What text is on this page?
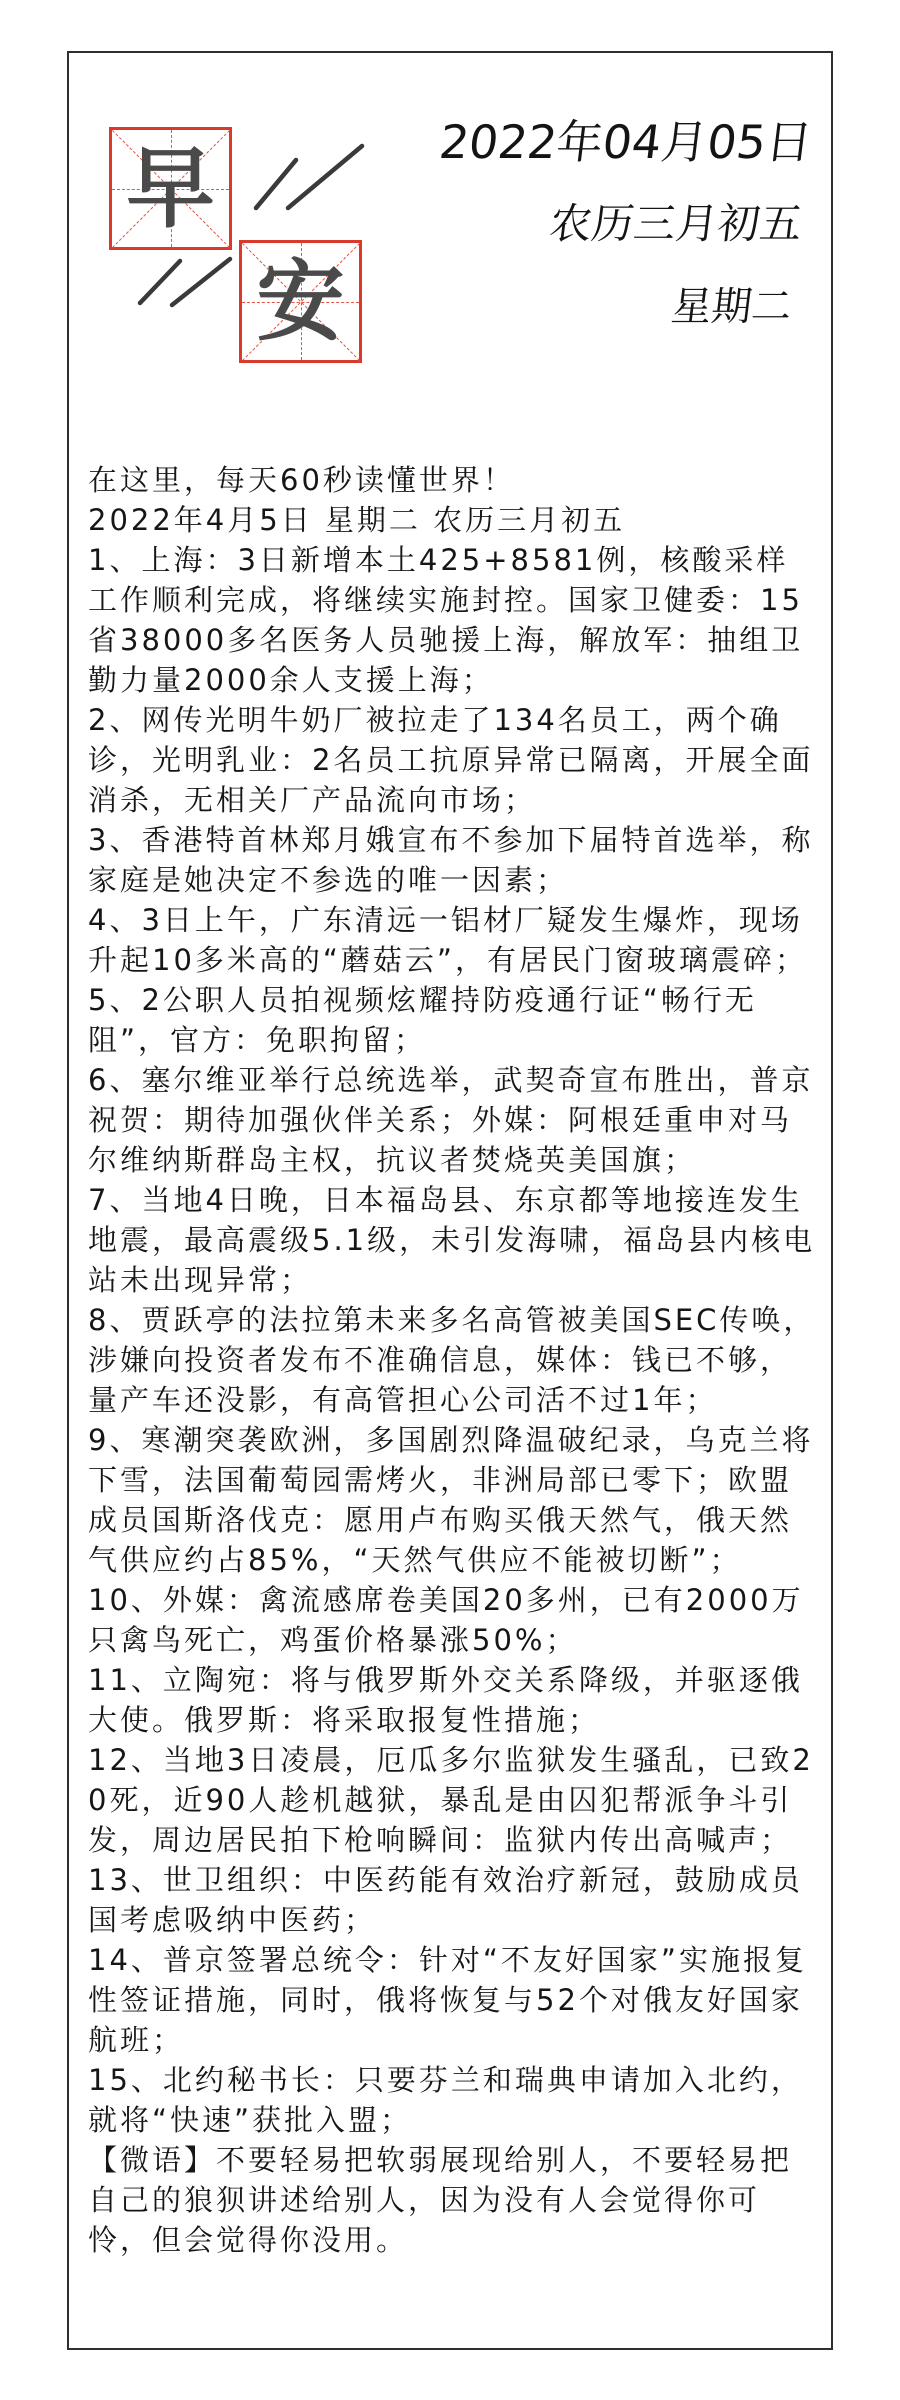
早
安
2022年04月05日
农历三月初五
星期二
在这里，每天60秒读懂世界！
2022年4月5日 星期二 农历三月初五
1、上海：3日新增本土425+8581例，核酸采样工作顺利完成，将继续实施封控。国家卫健委：15省38000多名医务人员驰援上海，解放军：抽组卫勤力量2000余人支援上海；
2、网传光明牛奶厂被拉走了134名员工，两个确诊，光明乳业：2名员工抗原异常已隔离，开展全面消杀，无相关厂产品流向市场；
3、香港特首林郑月娥宣布不参加下届特首选举，称家庭是她决定不参选的唯一因素；
4、3日上午，广东清远一铝材厂疑发生爆炸，现场升起10多米高的“蘑菇云”，有居民门窗玻璃震碎；
5、2公职人员拍视频炫耀持防疫通行证“畅行无阻”，官方：免职拘留；
6、塞尔维亚举行总统选举，武契奇宣布胜出，普京祝贺：期待加强伙伴关系；外媒：阿根廷重申对马尔维纳斯群岛主权，抗议者焚烧英美国旗；
7、当地4日晚，日本福岛县、东京都等地接连发生地震，最高震级5.1级，未引发海啸，福岛县内核电站未出现异常；
8、贾跃亭的法拉第未来多名高管被美国SEC传唤，涉嫌向投资者发布不准确信息，媒体：钱已不够，量产车还没影，有高管担心公司活不过1年；
9、寒潮突袭欧洲，多国剧烈降温破纪录，乌克兰将下雪，法国葡萄园需烤火，非洲局部已零下；欧盟成员国斯洛伐克：愿用卢布购买俄天然气，俄天然气供应约占85%，“天然气供应不能被切断”；
10、外媒：禽流感席卷美国20多州，已有2000万只禽鸟死亡，鸡蛋价格暴涨50%；
11、立陶宛：将与俄罗斯外交关系降级，并驱逐俄大使。俄罗斯：将采取报复性措施；
12、当地3日凌晨，厄瓜多尔监狱发生骚乱，已致20死，近90人趁机越狱，暴乱是由囚犯帮派争斗引发，周边居民拍下枪响瞬间：监狱内传出高喊声；
13、世卫组织：中医药能有效治疗新冠，鼓励成员国考虑吸纳中医药；
14、普京签署总统令：针对“不友好国家”实施报复性签证措施，同时，俄将恢复与52个对俄友好国家航班；
15、北约秘书长：只要芬兰和瑞典申请加入北约，就将“快速”获批入盟；
【微语】不要轻易把软弱展现给别人，不要轻易把自己的狼狈讲述给别人，因为没有人会觉得你可怜，但会觉得你没用。
